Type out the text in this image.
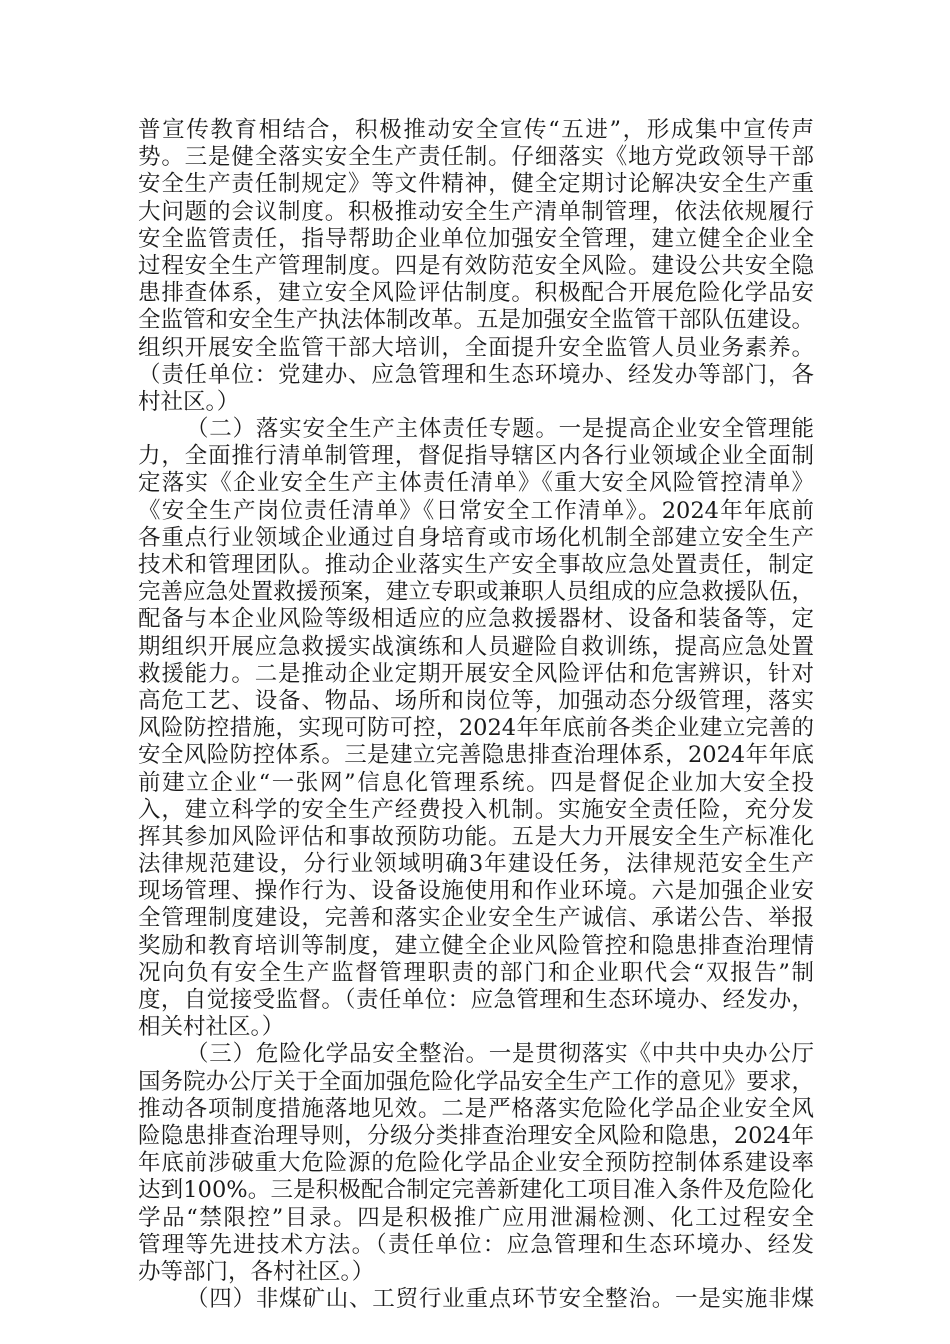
普宣传教育相结合，积极推动安全宣传“五进”，形成集中宣传声
势。三是健全落实安全生产责任制。仔细落实《地方党政领导干部
安全生产责任制规定》等文件精神，健全定期讨论解决安全生产重
大问题的会议制度。积极推动安全生产清单制管理，依法依规履行
安全监管责任，指导帮助企业单位加强安全管理，建立健全企业全
过程安全生产管理制度。四是有效防范安全风险。建设公共安全隐
患排查体系，建立安全风险评估制度。积极配合开展危险化学品安
全监管和安全生产执法体制改革。五是加强安全监管干部队伍建设。
组织开展安全监管干部大培训，全面提升安全监管人员业务素养。
（责任单位：党建办、应急管理和生态环境办、经发办等部门，各
村社区。）
（二）落实安全生产主体责任专题。一是提高企业安全管理能
力，全面推行清单制管理，督促指导辖区内各行业领域企业全面制
定落实《企业安全生产主体责任清单》《重大安全风险管控清单》
《安全生产岗位责任清单》《日常安全工作清单》。2024年年底前
各重点行业领域企业通过自身培育或市场化机制全部建立安全生产
技术和管理团队。推动企业落实生产安全事故应急处置责任，制定
完善应急处置救援预案，建立专职或兼职人员组成的应急救援队伍，
配备与本企业风险等级相适应的应急救援器材、设备和装备等，定
期组织开展应急救援实战演练和人员避险自救训练，提高应急处置
救援能力。二是推动企业定期开展安全风险评估和危害辨识，针对
高危工艺、设备、物品、场所和岗位等，加强动态分级管理，落实
风险防控措施，实现可防可控，2024年年底前各类企业建立完善的
安全风险防控体系。三是建立完善隐患排查治理体系，2024年年底
前建立企业“一张网”信息化管理系统。四是督促企业加大安全投
入，建立科学的安全生产经费投入机制。实施安全责任险，充分发
挥其参加风险评估和事故预防功能。五是大力开展安全生产标准化
法律规范建设，分行业领域明确3年建设任务，法律规范安全生产
现场管理、操作行为、设备设施使用和作业环境。六是加强企业安
全管理制度建设，完善和落实企业安全生产诚信、承诺公告、举报
奖励和教育培训等制度，建立健全企业风险管控和隐患排查治理情
况向负有安全生产监督管理职责的部门和企业职代会“双报告”制
度，自觉接受监督。（责任单位：应急管理和生态环境办、经发办，
相关村社区。）
（三）危险化学品安全整治。一是贯彻落实《中共中央办公厅
国务院办公厅关于全面加强危险化学品安全生产工作的意见》要求，
推动各项制度措施落地见效。二是严格落实危险化学品企业安全风
险隐患排查治理导则，分级分类排查治理安全风险和隐患，2024年
年底前涉破重大危险源的危险化学品企业安全预防控制体系建设率
达到100%。三是积极配合制定完善新建化工项目准入条件及危险化
学品“禁限控”目录。四是积极推广应用泄漏检测、化工过程安全
管理等先进技术方法。（责任单位：应急管理和生态环境办、经发
办等部门，各村社区。）
（四）非煤矿山、工贸行业重点环节安全整治。一是实施非煤
